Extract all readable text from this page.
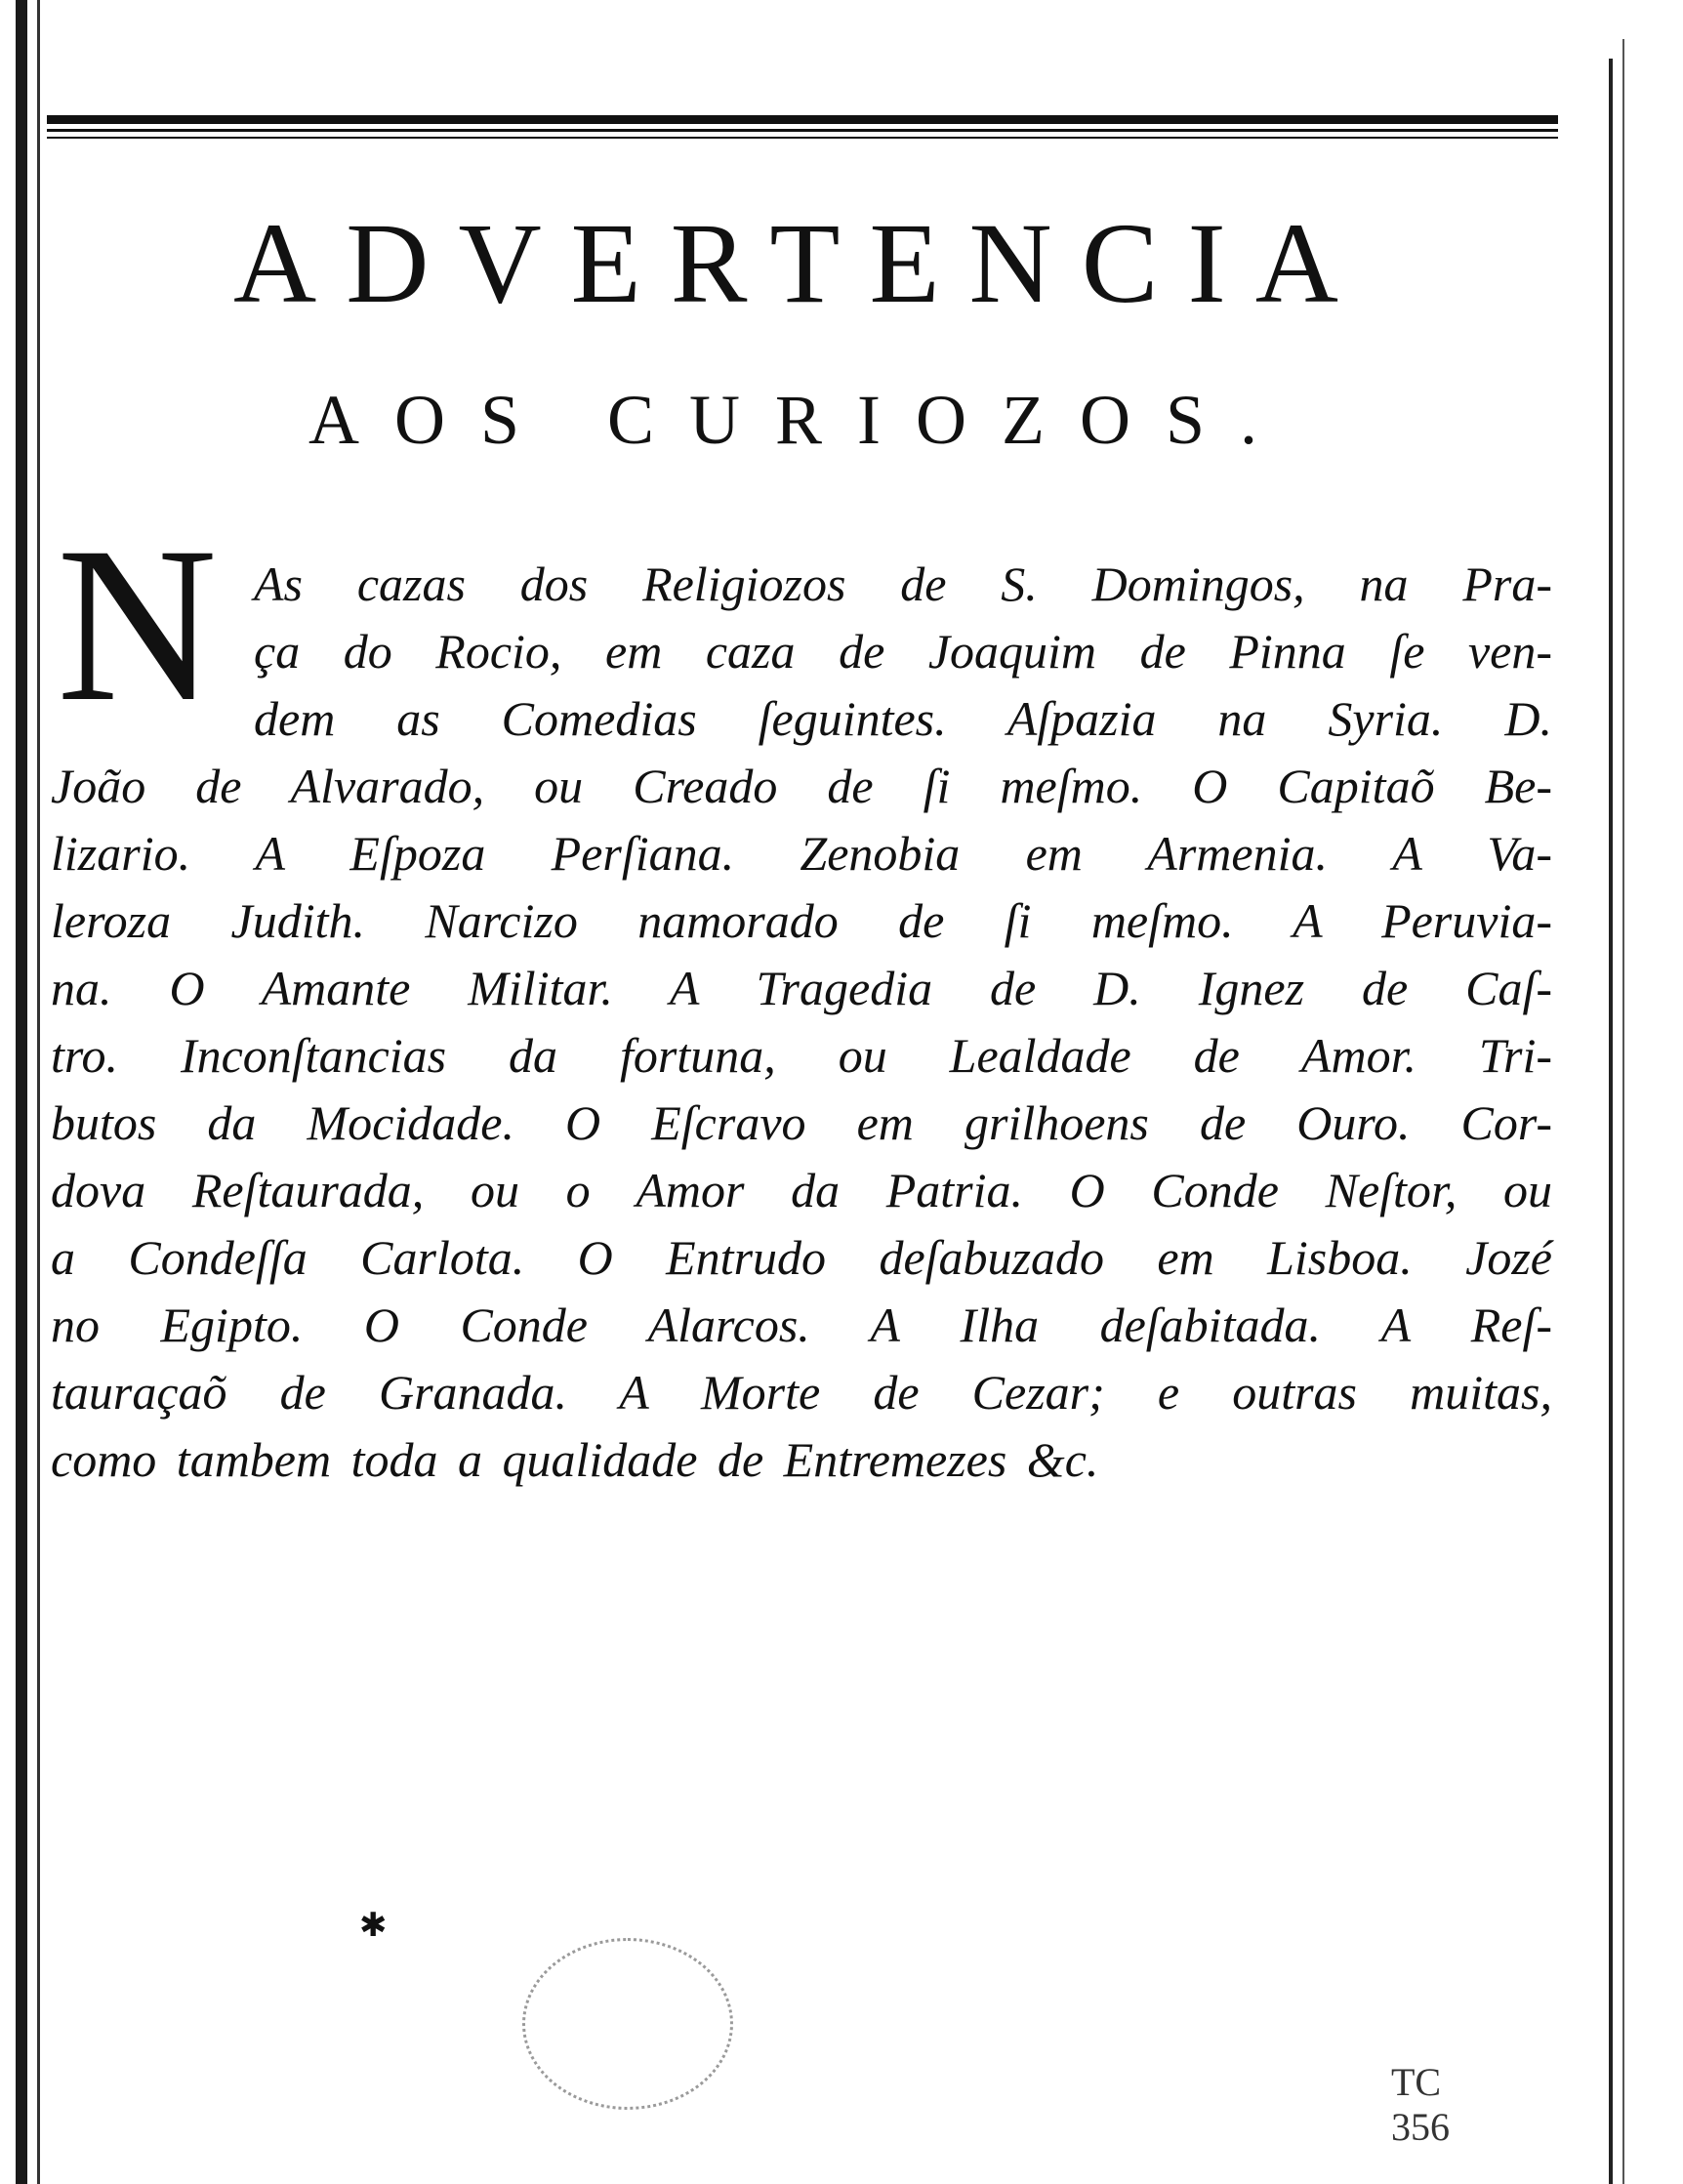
ADVERTENCIA
AOS CURIOZOS.
N As cazas dos Religiozos de S. Domingos, na Pra-

ça do Rocio, em caza de Joaquim de Pinna ſe ven-

dem as Comedias ſeguintes. Aſpazia na Syria. D.

João de Alvarado, ou Creado de ſi meſmo. O Capitaõ Be-

lizario. A Eſpoza Perſiana. Zenobia em Armenia. A Va-

leroza Judith. Narcizo namorado de ſi meſmo. A Peruvia-

na. O Amante Militar. A Tragedia de D. Ignez de Caſ-

tro. Inconſtancias da fortuna, ou Lealdade de Amor. Tri-

butos da Mocidade. O Eſcravo em grilhoens de Ouro. Cor-

dova Reſtaurada, ou o Amor da Patria. O Conde Neſtor, ou

a Condeſſa Carlota. O Entrudo deſabuzado em Lisboa. Jozé

no Egipto. O Conde Alarcos. A Ilha deſabitada. A Reſ-

tauraçaõ de Granada. A Morte de Cezar; e outras muitas,

como tambem toda a qualidade de Entremezes &c.

✱
TC
356
